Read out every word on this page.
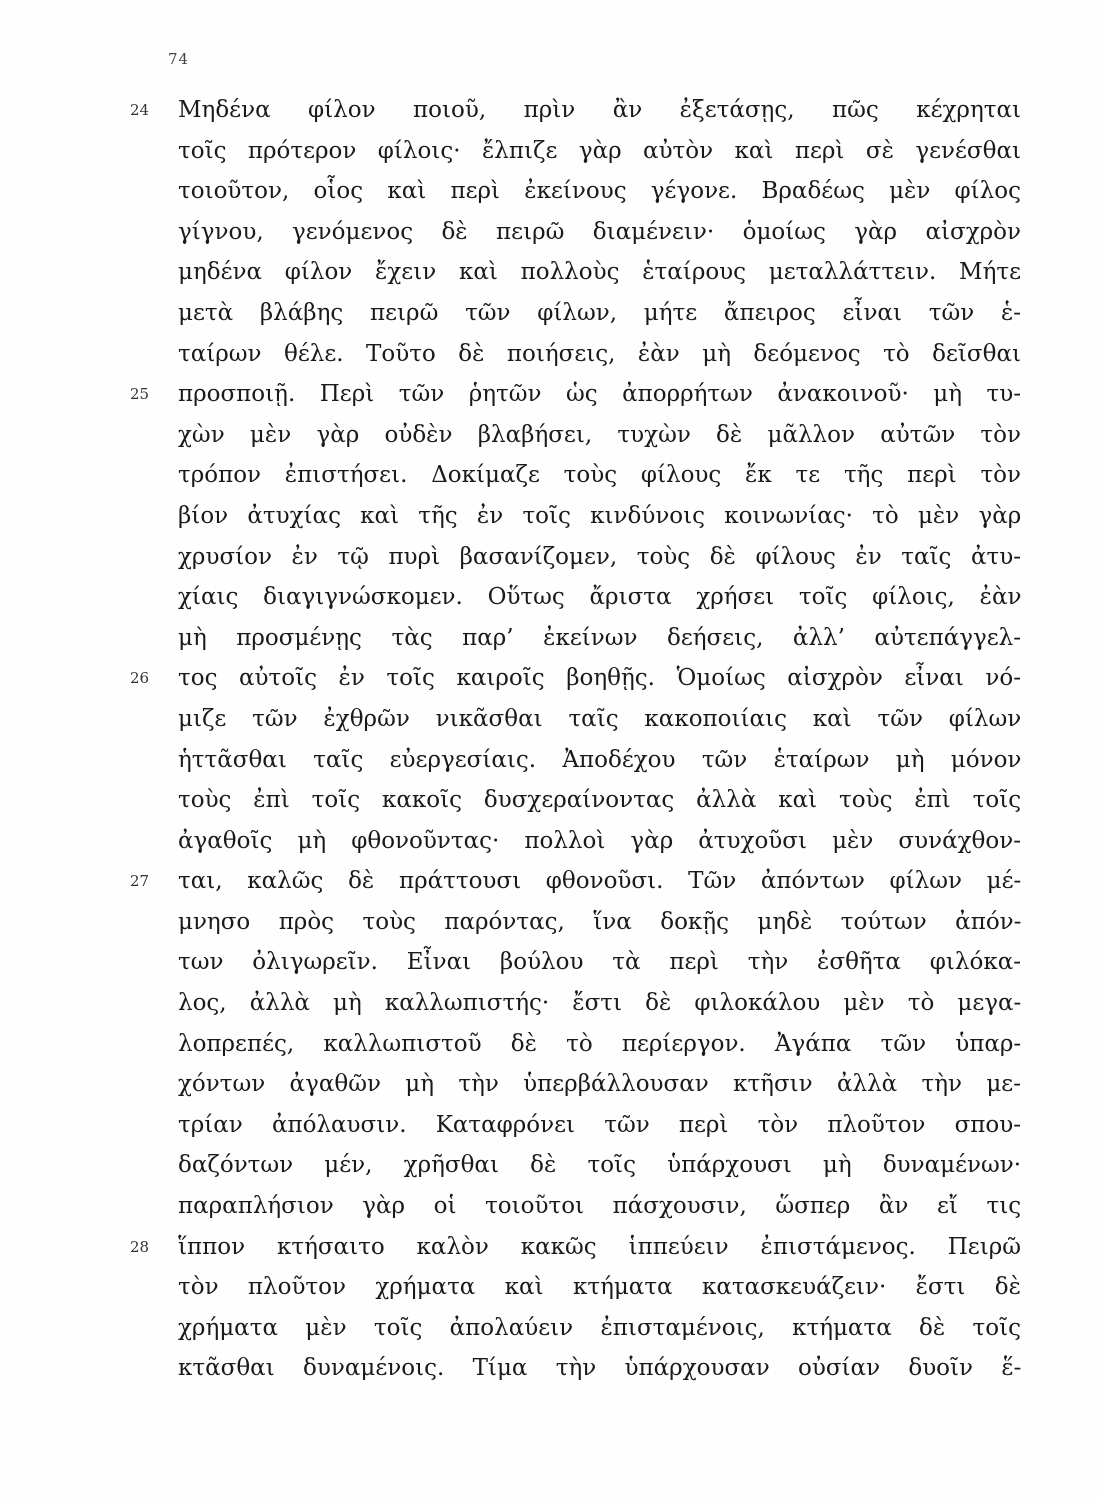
74
24 Μηδένα φίλον ποιοῦ, πρὶν ἂν ἐξετάσῃς, πῶς κέχρηται
τοῖς πρότερον φίλοις· ἔλπιζε γὰρ αὐτὸν καὶ περὶ σὲ γενέσθαι
τοιοῦτον, οἷος καὶ περὶ ἐκείνους γέγονε. Βραδέως μὲν φίλος
γίγνου, γενόμενος δὲ πειρῶ διαμένειν· ὁμοίως γὰρ αἰσχρὸν
μηδένα φίλον ἔχειν καὶ πολλοὺς ἑταίρους μεταλλάττειν. Μήτε
μετὰ βλάβης πειρῶ τῶν φίλων, μήτε ἄπειρος εἶναι τῶν ἑ-
ταίρων θέλε. Τοῦτο δὲ ποιήσεις, ἐὰν μὴ δεόμενος τὸ δεῖσθαι
25 προσποιῇ. Περὶ τῶν ῥητῶν ὡς ἀπορρήτων ἀνακοινοῦ· μὴ τυ-
χὼν μὲν γὰρ οὐδὲν βλαβήσει, τυχὼν δὲ μᾶλλον αὐτῶν τὸν
τρόπον ἐπιστήσει. Δοκίμαζε τοὺς φίλους ἔκ τε τῆς περὶ τὸν
βίον ἀτυχίας καὶ τῆς ἐν τοῖς κινδύνοις κοινωνίας· τὸ μὲν γὰρ
χρυσίον ἐν τῷ πυρὶ βασανίζομεν, τοὺς δὲ φίλους ἐν ταῖς ἀτυ-
χίαις διαγιγνώσκομεν. Οὕτως ἄριστα χρήσει τοῖς φίλοις, ἐὰν
μὴ προσμένῃς τὰς παρ’ ἐκείνων δεήσεις, ἀλλ’ αὐτεπάγγελ-
26 τος αὐτοῖς ἐν τοῖς καιροῖς βοηθῇς. Ὁμοίως αἰσχρὸν εἶναι νό-
μιζε τῶν ἐχθρῶν νικᾶσθαι ταῖς κακοποιίαις καὶ τῶν φίλων
ἡττᾶσθαι ταῖς εὐεργεσίαις. Ἀποδέχου τῶν ἑταίρων μὴ μόνον
τοὺς ἐπὶ τοῖς κακοῖς δυσχεραίνοντας ἀλλὰ καὶ τοὺς ἐπὶ τοῖς
ἀγαθοῖς μὴ φθονοῦντας· πολλοὶ γὰρ ἀτυχοῦσι μὲν συνάχθον-
27 ται, καλῶς δὲ πράττουσι φθονοῦσι. Τῶν ἀπόντων φίλων μέ-
μνησο πρὸς τοὺς παρόντας, ἵνα δοκῇς μηδὲ τούτων ἀπόν-
των ὀλιγωρεῖν. Εἶναι βούλου τὰ περὶ τὴν ἐσθῆτα φιλόκα-
λος, ἀλλὰ μὴ καλλωπιστής· ἔστι δὲ φιλοκάλου μὲν τὸ μεγα-
λοπρεπές, καλλωπιστοῦ δὲ τὸ περίεργον. Ἀγάπα τῶν ὑπαρ-
χόντων ἀγαθῶν μὴ τὴν ὑπερβάλλουσαν κτῆσιν ἀλλὰ τὴν με-
τρίαν ἀπόλαυσιν. Καταφρόνει τῶν περὶ τὸν πλοῦτον σπου-
δαζόντων μέν, χρῆσθαι δὲ τοῖς ὑπάρχουσι μὴ δυναμένων·
παραπλήσιον γὰρ οἱ τοιοῦτοι πάσχουσιν, ὥσπερ ἂν εἴ τις
28 ἵππον κτήσαιτο καλὸν κακῶς ἱππεύειν ἐπιστάμενος. Πειρῶ
τὸν πλοῦτον χρήματα καὶ κτήματα κατασκευάζειν· ἔστι δὲ
χρήματα μὲν τοῖς ἀπολαύειν ἐπισταμένοις, κτήματα δὲ τοῖς
κτᾶσθαι δυναμένοις. Τίμα τὴν ὑπάρχουσαν οὐσίαν δυοῖν ἕ-
